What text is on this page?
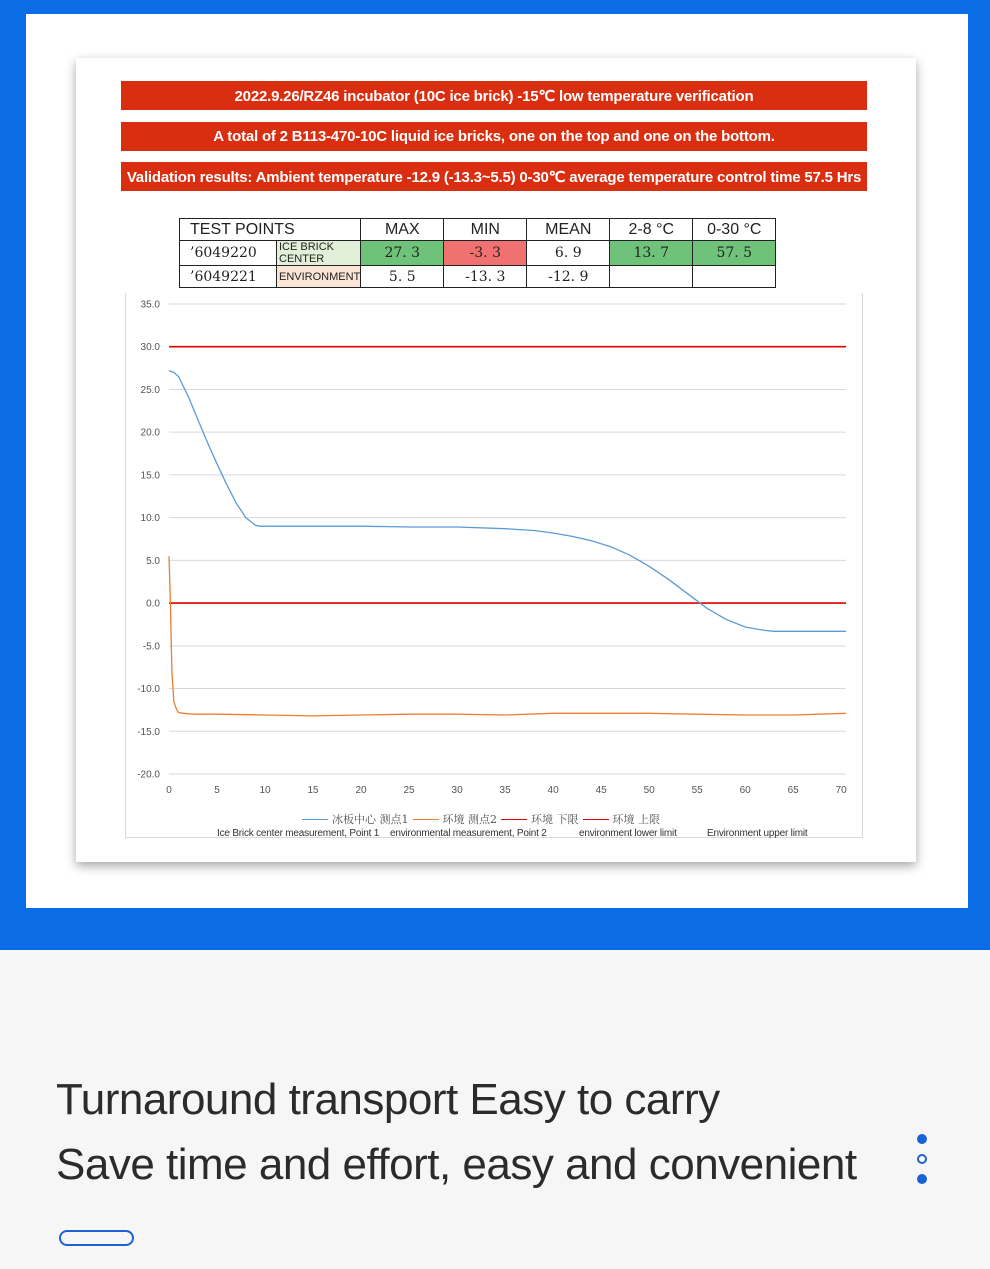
2022.9.26/RZ46 incubator (10C ice brick) -15℃ low temperature verification
A total of 2 B113-470-10C liquid ice bricks, one on the top and one on the bottom.
Validation results: Ambient temperature -12.9 (-13.3~5.5) 0-30℃ average temperature control time 57.5 Hrs
TEST POINTS		MAX	MIN	MEAN	2-8 °C	0-30 °C
’6049220	ICE BRICK CENTER	27. 3	-3. 3	6. 9	13. 7	57. 5
’6049221	ENVIRONMENT	5. 5	-13. 3	-12. 9		
35.0
30.0
25.0
20.0
15.0
10.0
5.0
0.0
-5.0
-10.0
-15.0
-20.0
0	5	10	15	20	25	30	35	40	45	50	55	60	65	70
冰板中心 测点1	环境 测点2	环境 下限	环境 上限
Ice Brick center measurement, Point 1 environmental measurement, Point 2	environment lower limit	Environment upper limit
Turnaround transport Easy to carry
Save time and effort, easy and convenient
